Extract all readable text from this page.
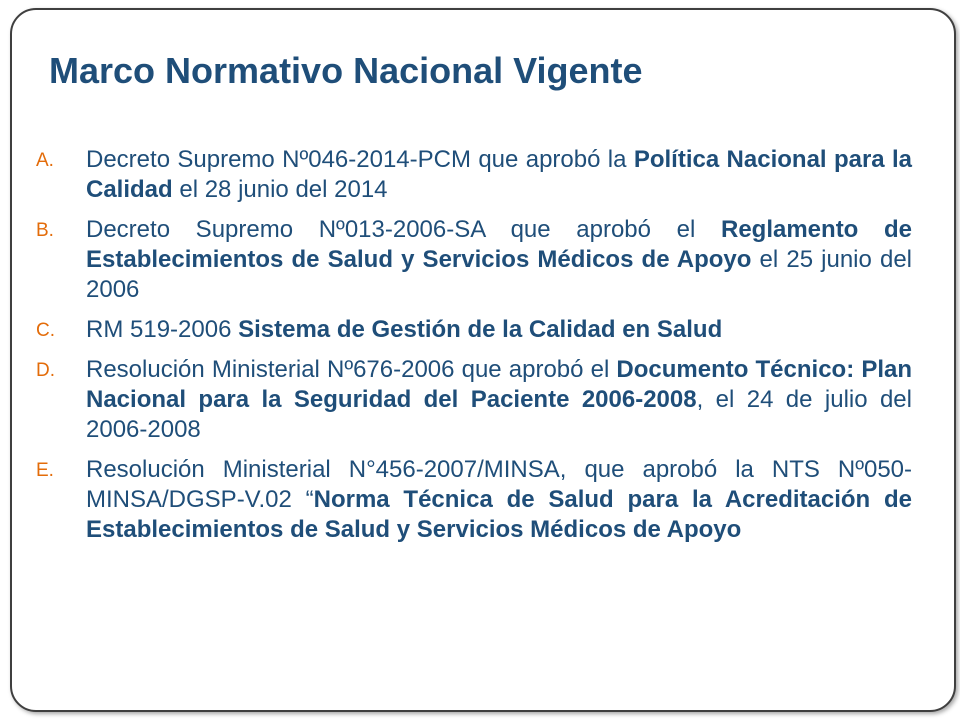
Marco Normativo Nacional Vigente
A. Decreto Supremo Nº046-2014-PCM que aprobó la Política Nacional para la Calidad el 28 junio del 2014
B. Decreto Supremo Nº013-2006-SA que aprobó el Reglamento de Establecimientos de Salud y Servicios Médicos de Apoyo el 25 junio del 2006
C. RM 519-2006 Sistema de Gestión de la Calidad en Salud
D. Resolución Ministerial Nº676-2006 que aprobó el Documento Técnico: Plan Nacional para la Seguridad del Paciente 2006-2008, el 24 de julio del 2006-2008
E. Resolución Ministerial N°456-2007/MINSA, que aprobó la NTS Nº050-MINSA/DGSP-V.02 “Norma Técnica de Salud para la Acreditación de Establecimientos de Salud y Servicios Médicos de Apoyo
